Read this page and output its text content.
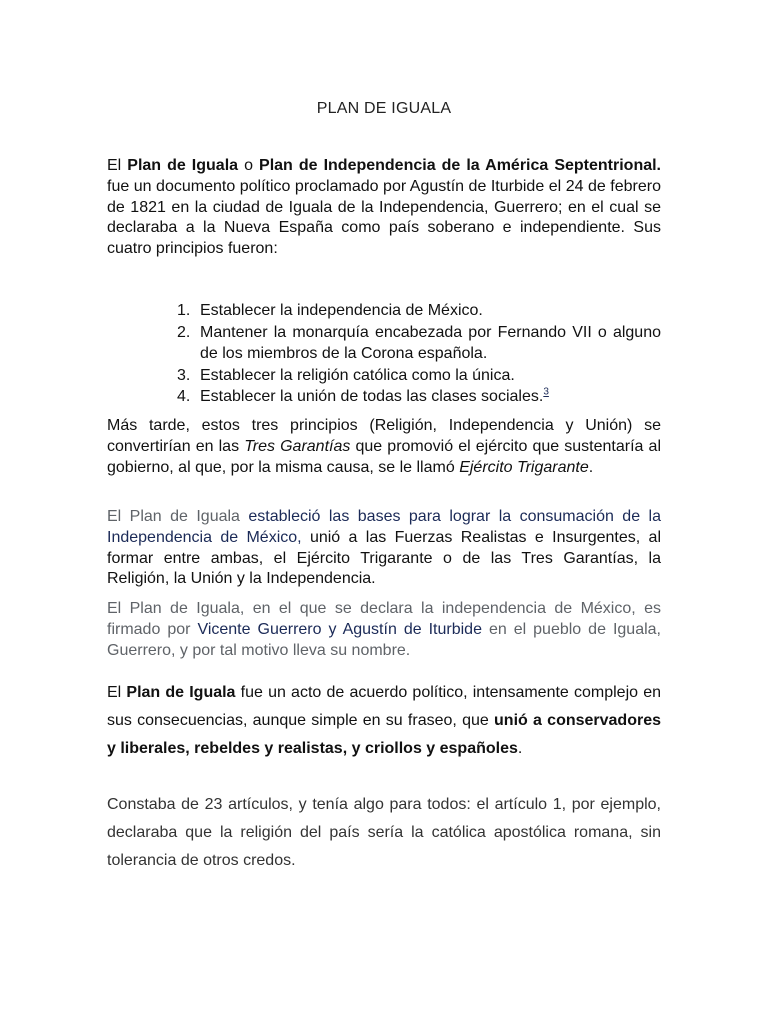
PLAN DE IGUALA

El Plan de Iguala o Plan de Independencia de la América Septentrional. fue un documento político proclamado por Agustín de Iturbide el 24 de febrero de 1821 en la ciudad de Iguala de la Independencia, Guerrero; en el cual se declaraba a la Nueva España como país soberano e independiente. Sus cuatro principios fueron:

1. Establecer la independencia de México.
2. Mantener la monarquía encabezada por Fernando VII o alguno de los miembros de la Corona española.
3. Establecer la religión católica como la única.
4. Establecer la unión de todas las clases sociales.$^3$

Más tarde, estos tres principios (Religión, Independencia y Unión) se convertirían en las Tres Garantías que promovió el ejército que sustentaría al gobierno, al que, por la misma causa, se le llamó Ejército Trigarante.

El Plan de Iguala estableció las bases para lograr la consumación de la Independencia de México, unió a las Fuerzas Realistas e Insurgentes, al formar entre ambas, el Ejército Trigarante o de las Tres Garantías, la Religión, la Unión y la Independencia.

El Plan de Iguala, en el que se declara la independencia de México, es firmado por Vicente Guerrero y Agustín de Iturbide en el pueblo de Iguala, Guerrero, y por tal motivo lleva su nombre.

El Plan de Iguala fue un acto de acuerdo político, intensamente complejo en sus consecuencias, aunque simple en su fraseo, que unió a conservadores y liberales, rebeldes y realistas, y criollos y españoles.

Constaba de 23 artículos, y tenía algo para todos: el artículo 1, por ejemplo, declaraba que la religión del país sería la católica apostólica romana, sin tolerancia de otros credos.
